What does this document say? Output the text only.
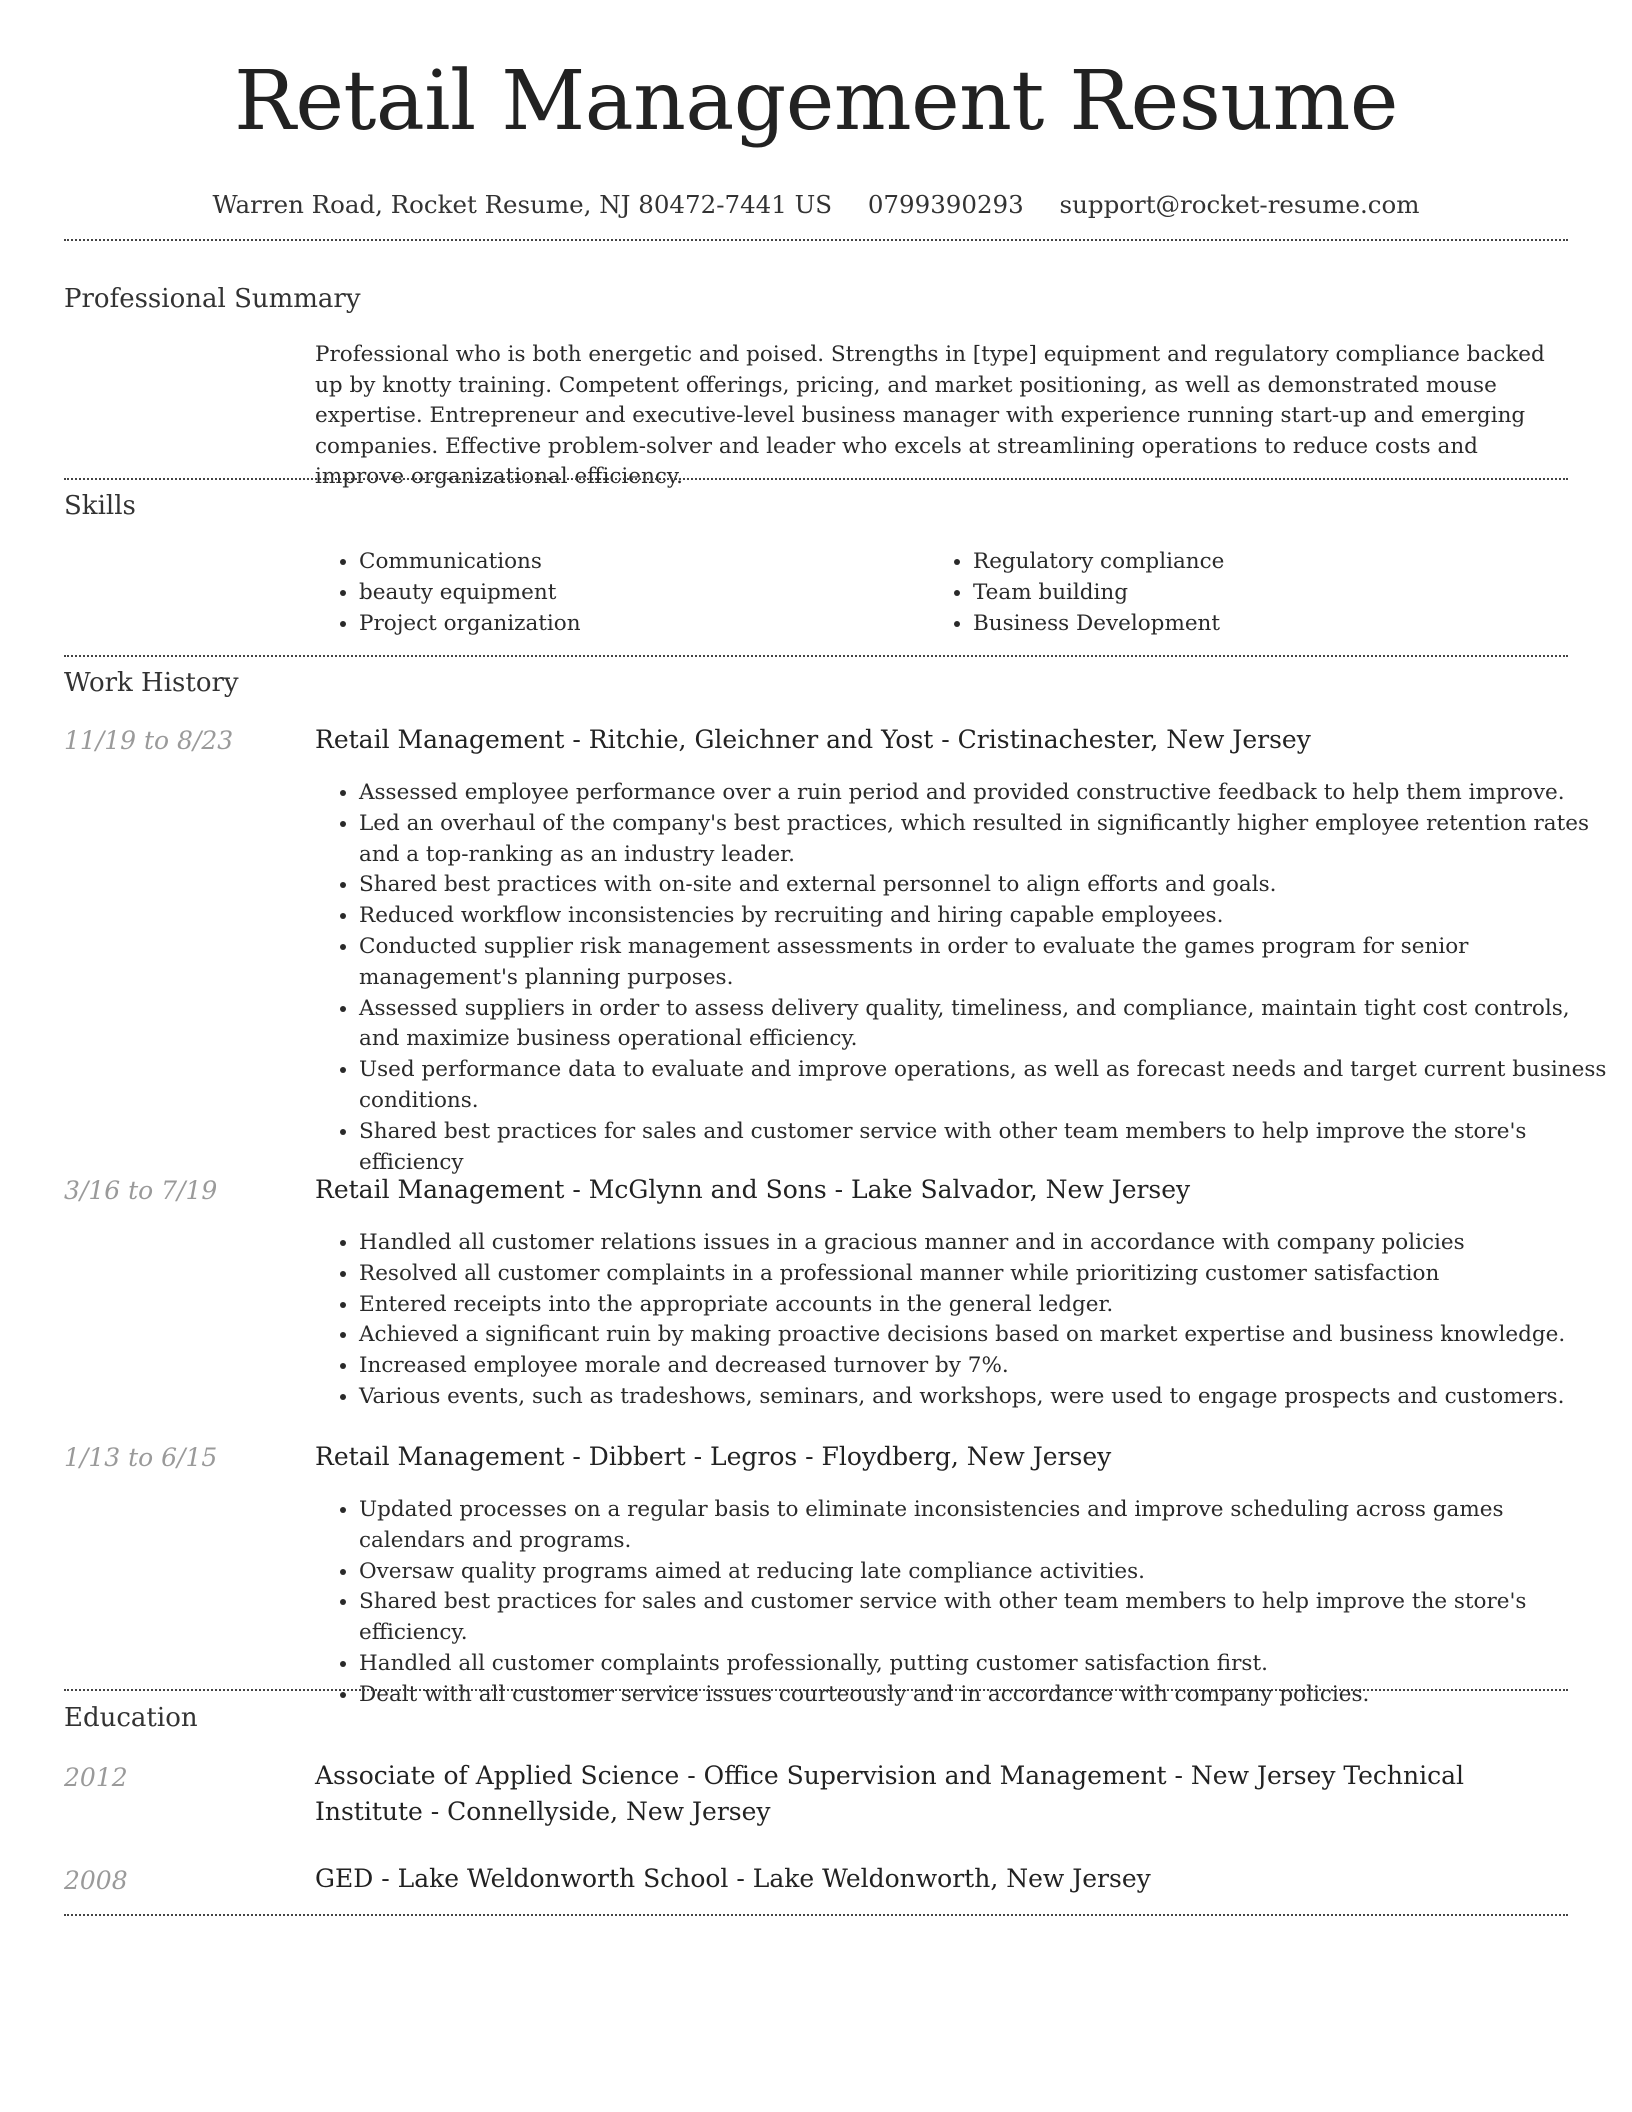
Retail Management Resume
Warren Road, Rocket Resume, NJ 80472-7441 US 0799390293 support@rocket-resume.com
Professional Summary
Professional who is both energetic and poised. Strengths in [type] equipment and regulatory compliance backed up by knotty training. Competent offerings, pricing, and market positioning, as well as demonstrated mouse expertise. Entrepreneur and executive-level business manager with experience running start-up and emerging companies. Effective problem-solver and leader who excels at streamlining operations to reduce costs and improve organizational efficiency.
Skills
• Communications
• beauty equipment
• Project organization
• Regulatory compliance
• Team building
• Business Development
Work History
11/19 to 8/23	Retail Management - Ritchie, Gleichner and Yost - Cristinachester, New Jersey
• Assessed employee performance over a ruin period and provided constructive feedback to help them improve.
• Led an overhaul of the company's best practices, which resulted in significantly higher employee retention rates and a top-ranking as an industry leader.
• Shared best practices with on-site and external personnel to align efforts and goals.
• Reduced workflow inconsistencies by recruiting and hiring capable employees.
• Conducted supplier risk management assessments in order to evaluate the games program for senior management's planning purposes.
• Assessed suppliers in order to assess delivery quality, timeliness, and compliance, maintain tight cost controls, and maximize business operational efficiency.
• Used performance data to evaluate and improve operations, as well as forecast needs and target current business conditions.
• Shared best practices for sales and customer service with other team members to help improve the store's efficiency
3/16 to 7/19	Retail Management - McGlynn and Sons - Lake Salvador, New Jersey
• Handled all customer relations issues in a gracious manner and in accordance with company policies
• Resolved all customer complaints in a professional manner while prioritizing customer satisfaction
• Entered receipts into the appropriate accounts in the general ledger.
• Achieved a significant ruin by making proactive decisions based on market expertise and business knowledge.
• Increased employee morale and decreased turnover by 7%.
• Various events, such as tradeshows, seminars, and workshops, were used to engage prospects and customers.
1/13 to 6/15	Retail Management - Dibbert - Legros - Floydberg, New Jersey
• Updated processes on a regular basis to eliminate inconsistencies and improve scheduling across games calendars and programs.
• Oversaw quality programs aimed at reducing late compliance activities.
• Shared best practices for sales and customer service with other team members to help improve the store's efficiency.
• Handled all customer complaints professionally, putting customer satisfaction first.
• Dealt with all customer service issues courteously and in accordance with company policies.
Education
2012	Associate of Applied Science - Office Supervision and Management - New Jersey Technical Institute - Connellyside, New Jersey
2008	GED - Lake Weldonworth School - Lake Weldonworth, New Jersey
